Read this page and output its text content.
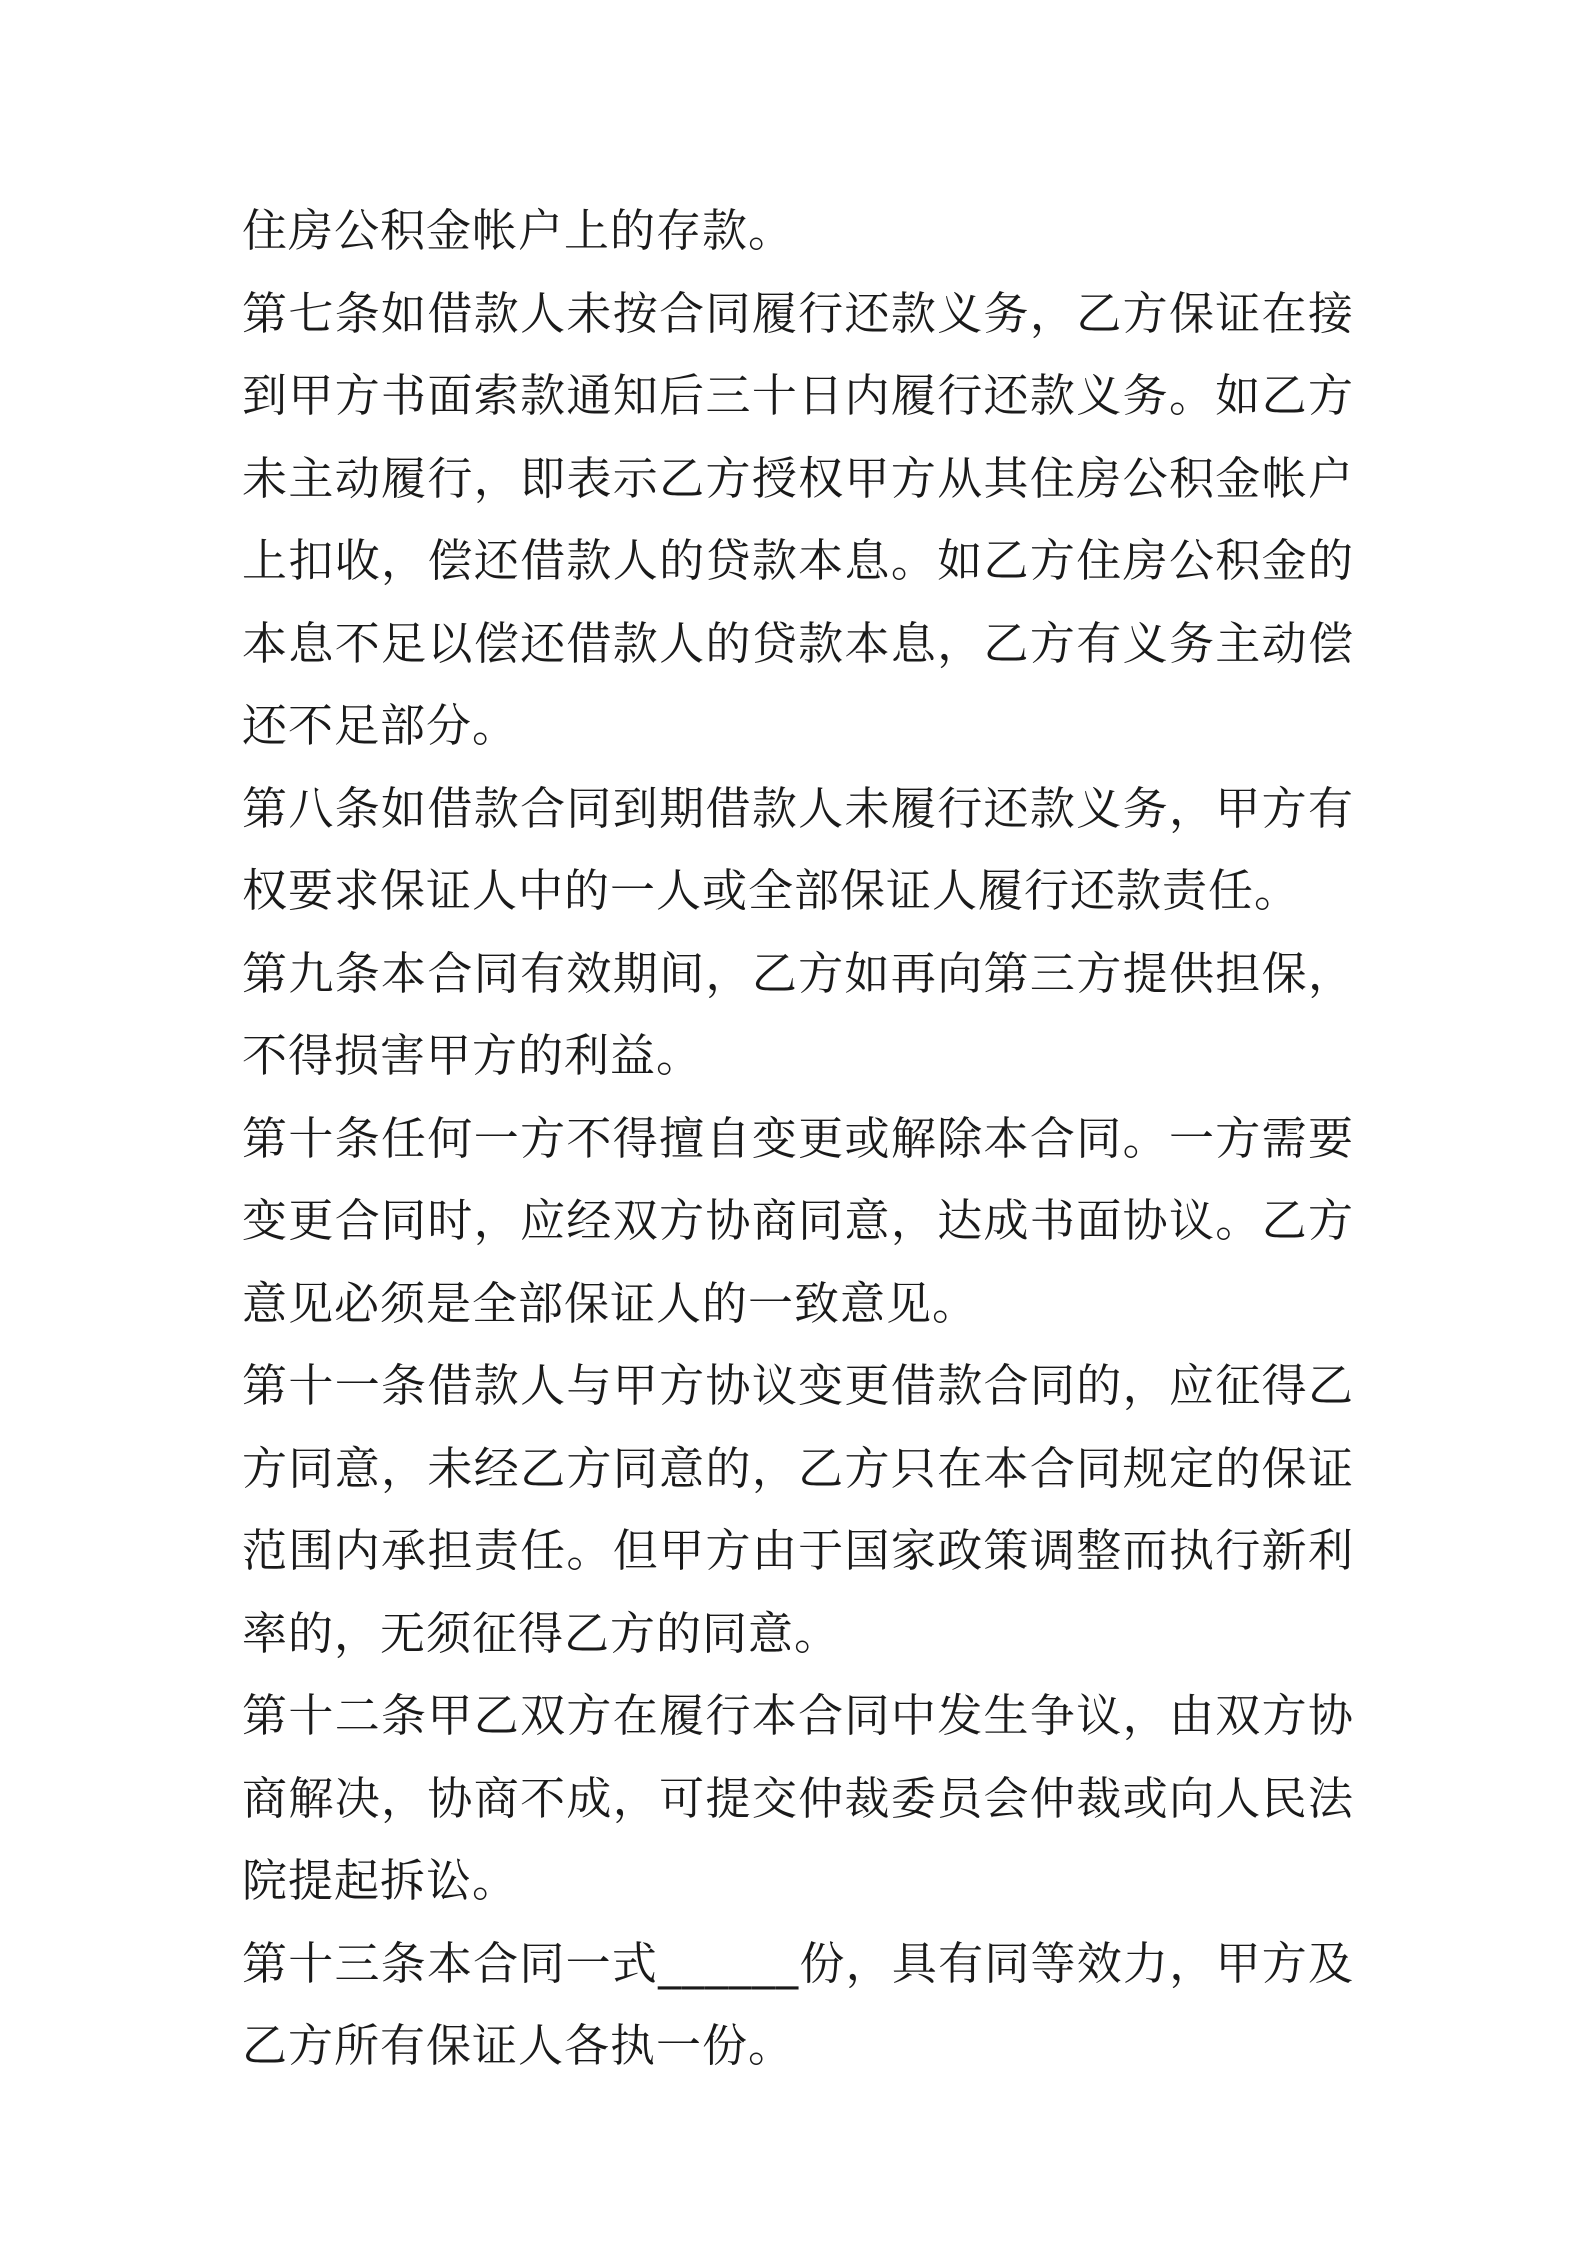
住房公积金帐户上的存款。

第七条如借款人未按合同履行还款义务，乙方保证在接到甲方书面索款通知后三十日内履行还款义务。如乙方未主动履行，即表示乙方授权甲方从其住房公积金帐户上扣收，偿还借款人的贷款本息。如乙方住房公积金的本息不足以偿还借款人的贷款本息，乙方有义务主动偿还不足部分。

第八条如借款合同到期借款人未履行还款义务，甲方有权要求保证人中的一人或全部保证人履行还款责任。

第九条本合同有效期间，乙方如再向第三方提供担保，不得损害甲方的利益。

第十条任何一方不得擅自变更或解除本合同。一方需要变更合同时，应经双方协商同意，达成书面协议。乙方意见必须是全部保证人的一致意见。

第十一条借款人与甲方协议变更借款合同的，应征得乙方同意，未经乙方同意的，乙方只在本合同规定的保证范围内承担责任。但甲方由于国家政策调整而执行新利率的，无须征得乙方的同意。

第十二条甲乙双方在履行本合同中发生争议，由双方协商解决，协商不成，可提交仲裁委员会仲裁或向人民法院提起拆讼。

第十三条本合同一式______份，具有同等效力，甲方及乙方所有保证人各执一份。
